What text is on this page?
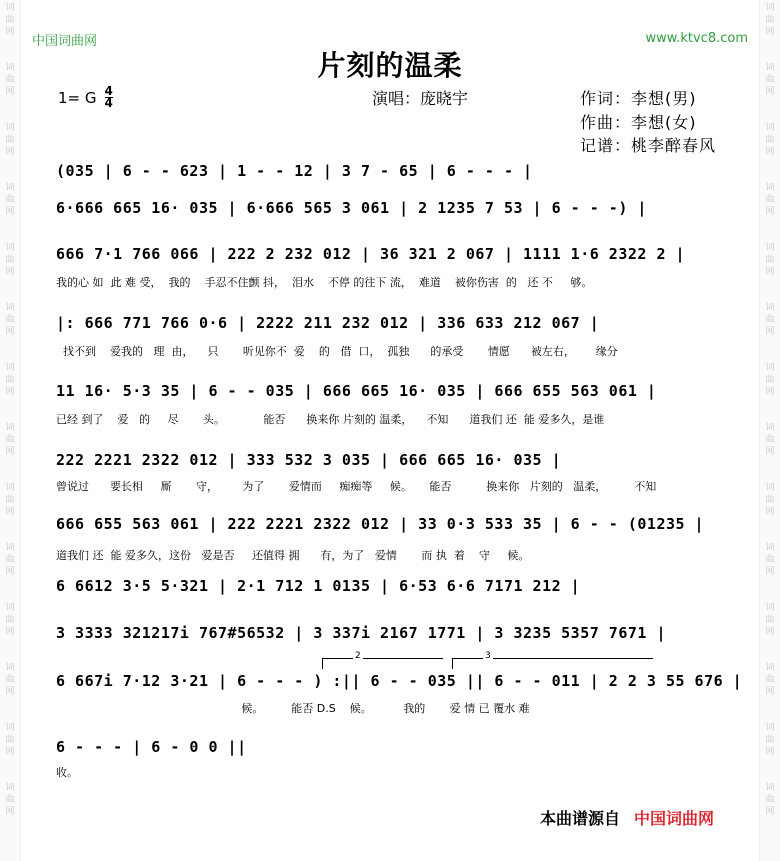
词
曲
网
词
曲
网
词
曲
网
词
曲
网
词
曲
网
词
曲
网
词
曲
网
词
曲
网
词
曲
网
词
曲
网
词
曲
网
词
曲
网
词
曲
网
词
曲
网
词
曲
网
词
曲
网
词
曲
网
词
曲
网
词
曲
网
词
曲
网
词
曲
网
词
曲
网
词
曲
网
词
曲
网
词
曲
网
词
曲
网
词
曲
网
词
曲
网
中国词曲网	www.ktvc8.com
片刻的温柔
1= G 4
4	演唱：庞晓宇	作词：李想(男)
作曲：李想(女)
记谱：桃李醉春风
(035 | 6 - - 623 | 1 - - 12 | 3 7 - 65 | 6 - - - |
6·666 665 16· 035 | 6·666 565 3 061 | 2 1235 7 53 | 6 - - -) |
666 7·1 766 066 | 222 2 232 012 | 36 321 2 067 | 1111 1·6 2322 2 |
我的心 如  此 难 受，  我的    手忍不住颤 抖，  泪水    不停 的往下 流，  难道    被你伤害  的   还 不     够。
|: 666 771 766 0·6 | 2222 211 232 012 | 336 633 212 067 |
找不到    爱我的   理  由，    只       听见你不  爱    的   借  口，  孤独      的承受       情愿      被左右，      缘分
11 16· 5·3 35 | 6 - - 035 | 666 665 16· 035 | 666 655 563 061 |
已经 到了    爱   的     尽       头。           能否      换来你 片刻的 温柔，    不知      道我们 还  能 爱多久，是谁
222 2221 2322 012 | 333 532 3 035 | 666 665 16· 035 |
曾说过      要长相     厮       守，       为了       爱情而     痴痴等     候。     能否          换来你   片刻的   温柔，        不知
666 655 563 061 | 222 2221 2322 012 | 33 0·3 533 35 | 6 - - (01235 |
道我们 还  能 爱多久，这份   爱是否     还值得 拥      有，为了   爱情       而 执  着    守     候。
6 6612 3·5 5·321 | 2·1 712 1 0135 | 6·53 6·6 7171 212 |
3 3333 321217i 767#56532 | 3 337i 2167 1771 | 3 3235 5357 7671 |
2	3
6 667i 7·12 3·21 | 6 - - - ) :|| 6 - - 035 || 6 - - 011 | 2 2 3 55 676 |
候。        能否 D.S    候。         我的       爱 情 已 覆水 难
6 - - - | 6 - 0 0 ||
收。
本曲谱源自 中国词曲网
